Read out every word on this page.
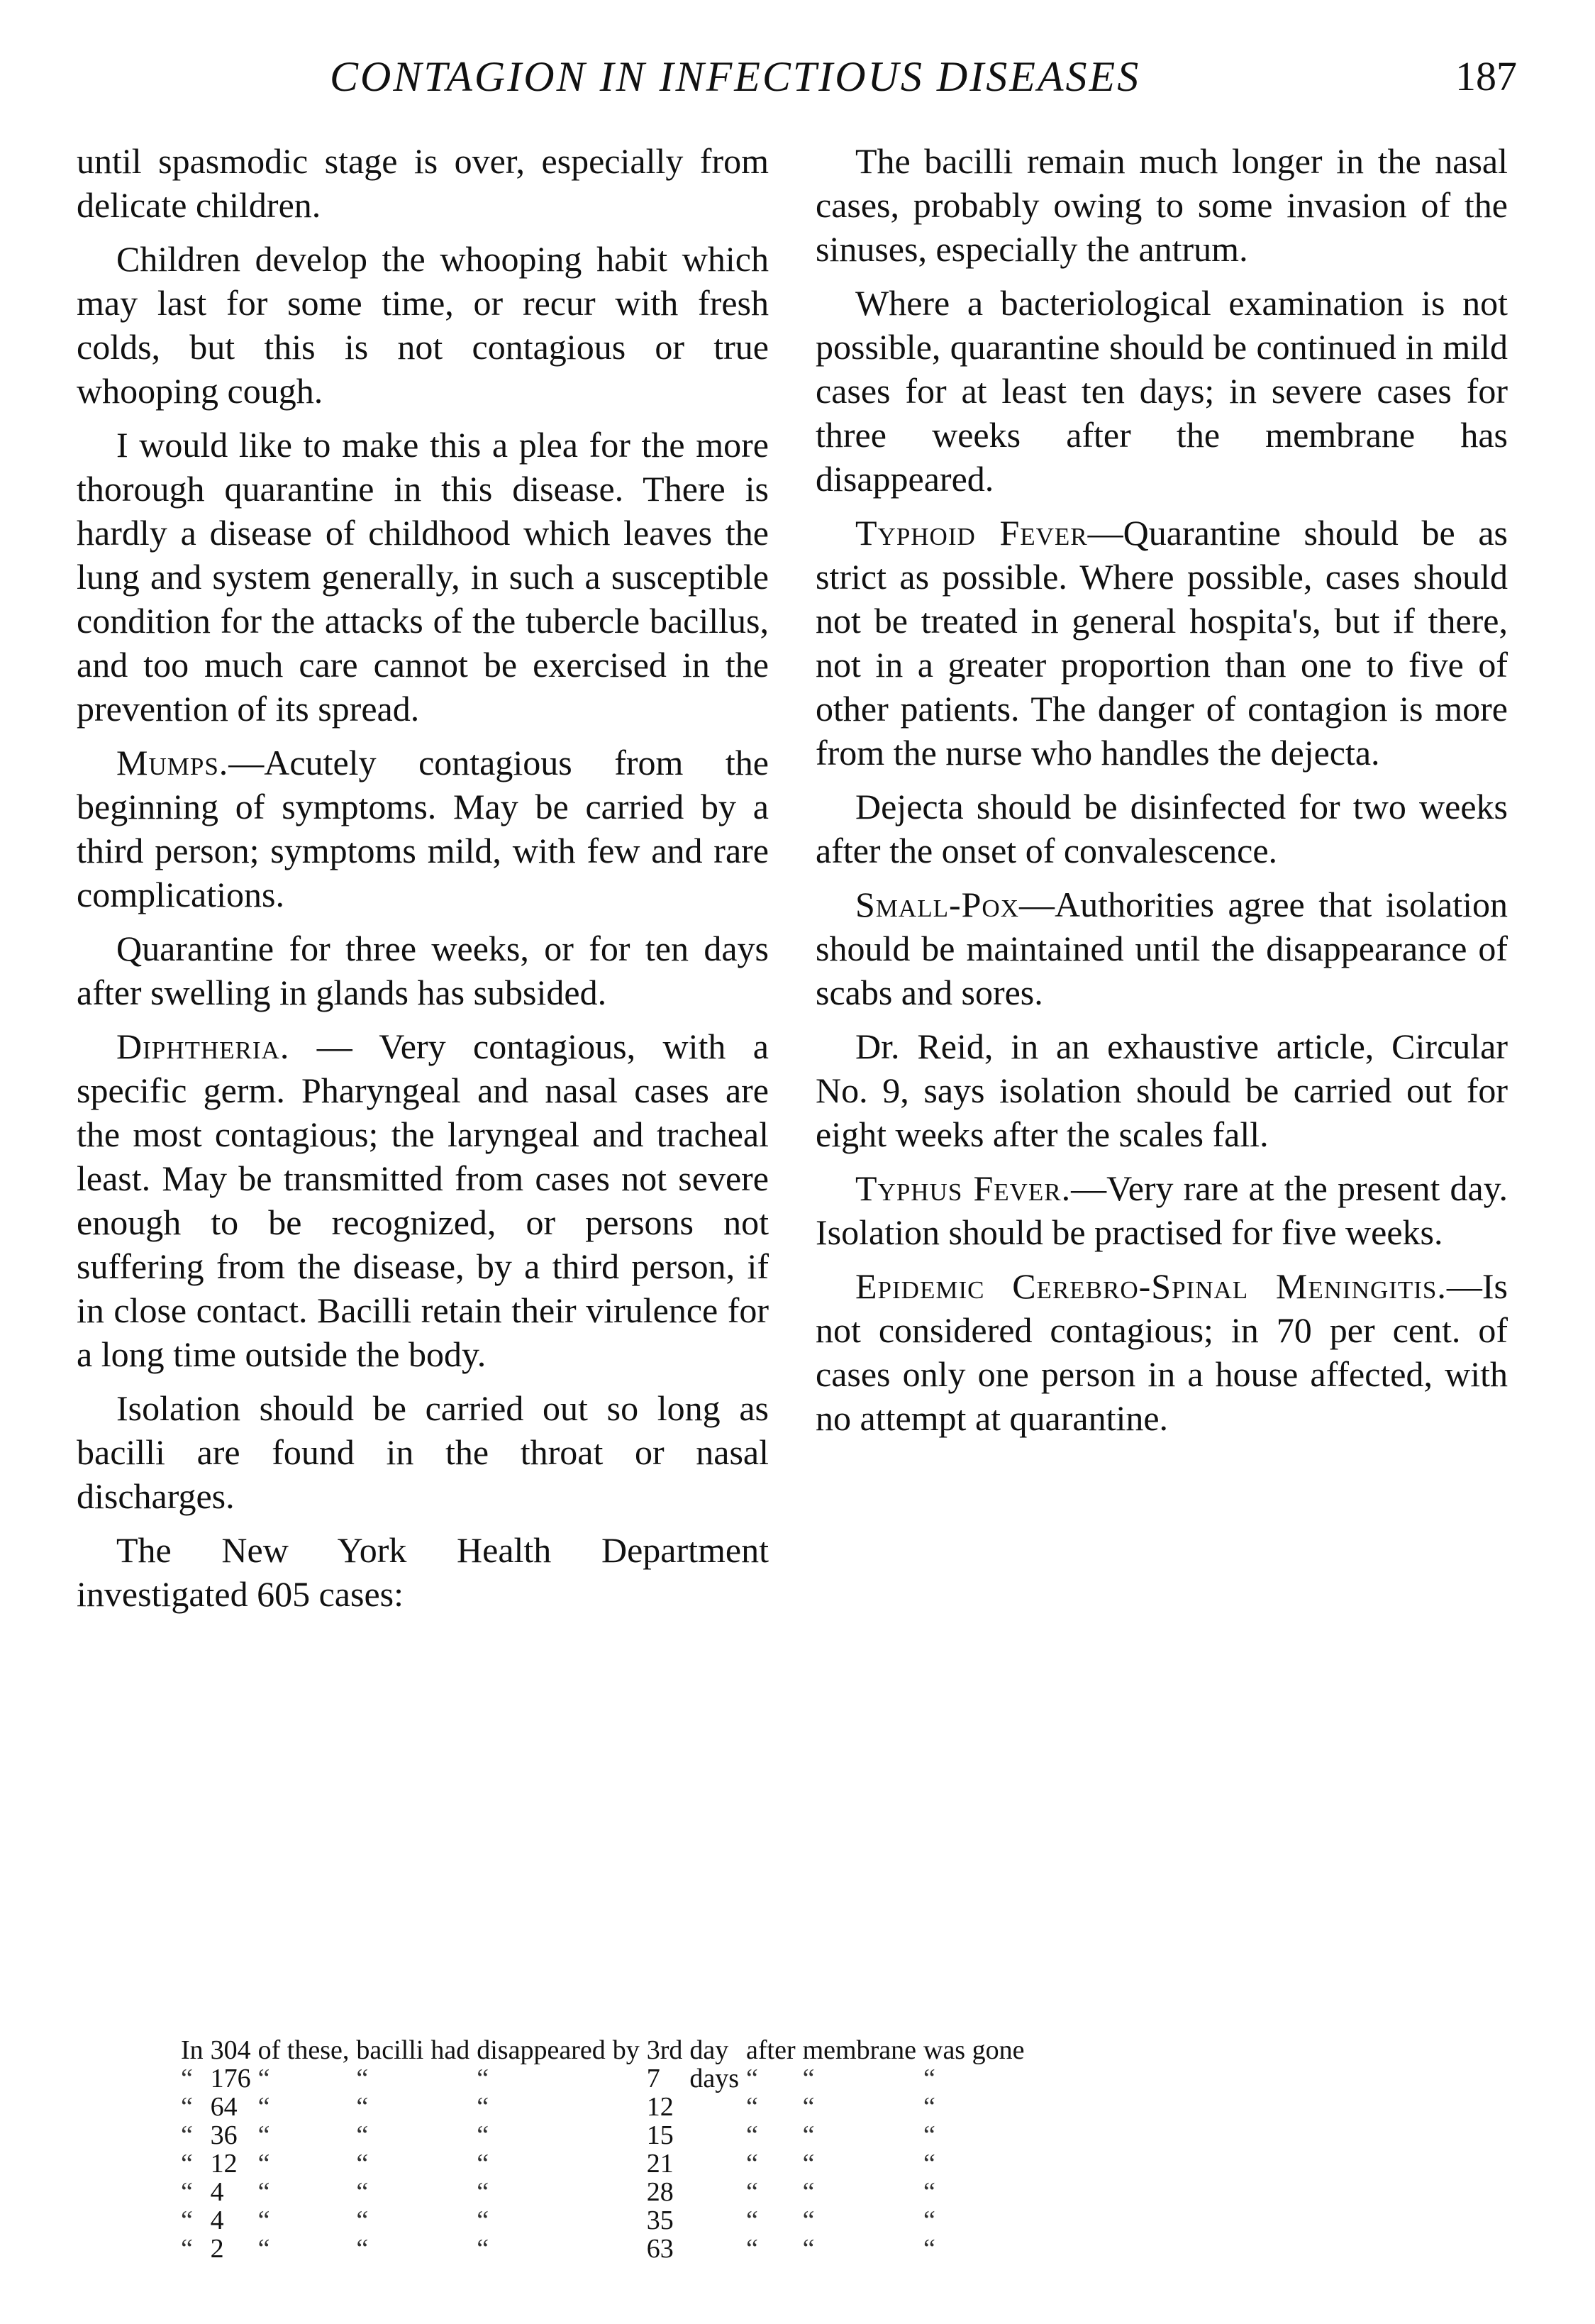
CONTAGION IN INFECTIOUS DISEASES	187

until spasmodic stage is over, especially from delicate children.

Children develop the whooping habit which may last for some time, or recur with fresh colds, but this is not contagious or true whooping cough.

I would like to make this a plea for the more thorough quarantine in this disease. There is hardly a disease of childhood which leaves the lung and system generally, in such a susceptible condition for the attacks of the tubercle bacillus, and too much care cannot be exercised in the prevention of its spread.

Mumps.—Acutely contagious from the beginning of symptoms. May be carried by a third person; symptoms mild, with few and rare complications.

Quarantine for three weeks, or for ten days after swelling in glands has subsided.

Diphtheria. — Very contagious, with a specific germ. Pharyngeal and nasal cases are the most contagious; the laryngeal and tracheal least. May be transmitted from cases not severe enough to be recognized, or persons not suffering from the disease, by a third person, if in close contact. Bacilli retain their virulence for a long time outside the body.

Isolation should be carried out so long as bacilli are found in the throat or nasal discharges.

The New York Health Department investigated 605 cases:

The bacilli remain much longer in the nasal cases, probably owing to some invasion of the sinuses, especially the antrum.

Where a bacteriological examination is not possible, quarantine should be continued in mild cases for at least ten days; in severe cases for three weeks after the membrane has disappeared.

Typhoid Fever—Quarantine should be as strict as possible. Where possible, cases should not be treated in general hospita's, but if there, not in a greater proportion than one to five of other patients. The danger of contagion is more from the nurse who handles the dejecta.

Dejecta should be disinfected for two weeks after the onset of convalescence.

Small-Pox—Authorities agree that isolation should be maintained until the disappearance of scabs and sores.

Dr. Reid, in an exhaustive article, Circular No. 9, says isolation should be carried out for eight weeks after the scales fall.

Typhus Fever.—Very rare at the present day. Isolation should be practised for five weeks.

Epidemic Cerebro-Spinal Meningitis.—Is not considered contagious; in 70 per cent. of cases only one person in a house affected, with no attempt at quarantine.

In	304	of these,	bacilli	had	disappeared	by	3rd	day	after	membrane	was gone
“	176	“	“		“		7	days	“	“	“
“	64	“	“		“		12		“	“	“
“	36	“	“		“		15		“	“	“
“	12	“	“		“		21		“	“	“
“	4	“	“		“		28		“	“	“
“	4	“	“		“		35		“	“	“
“	2	“	“		“		63		“	“	“
